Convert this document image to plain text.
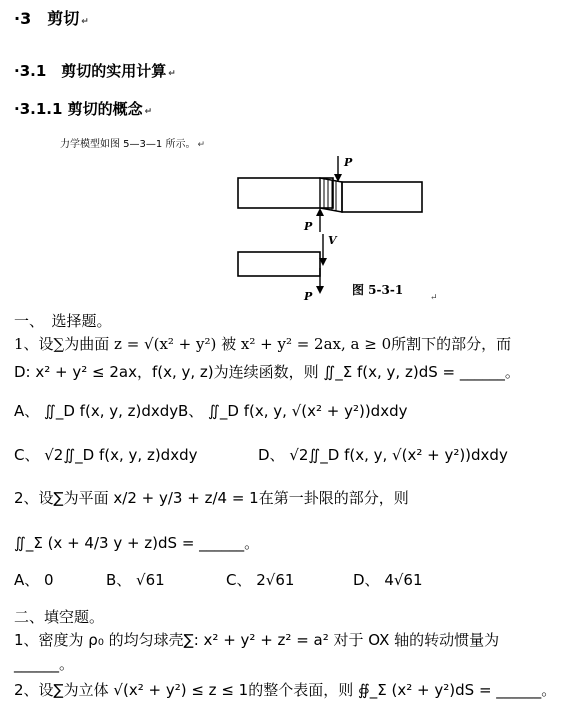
·3　剪切 ↵
·3.1　剪切的实用计算 ↵
·3.1.1 剪切的概念 ↵
力学模型如图 5—3—1 所示。 ↵
P
P
V
P	图 5-3-1
↵
一、　选择题。
1、设∑为曲面 z = √(x² + y²) 被 x² + y² = 2ax, a ≥ 0所割下的部分，而
D: x² + y² ≤ 2ax，f(x, y, z)为连续函数，则 ∬_Σ f(x, y, z)dS = ______。
A、 ∬_D f(x, y, z)dxdy B、 ∬_D f(x, y, √(x² + y²))dxdy
C、 √2∬_D f(x, y, z)dxdy	D、 √2∬_D f(x, y, √(x² + y²))dxdy
2、设∑为平面 x/2 + y/3 + z/4 = 1在第一卦限的部分，则
∬_Σ (x + 4/3 y + z)dS = ______。
A、 0	B、 √61	C、 2√61	D、 4√61
二、填空题。
1、密度为 ρ₀ 的均匀球壳∑: x² + y² + z² = a² 对于 OX 轴的转动惯量为
______。
2、设∑为立体 √(x² + y²) ≤ z ≤ 1的整个表面，则 ∯_Σ (x² + y²)dS = ______。
